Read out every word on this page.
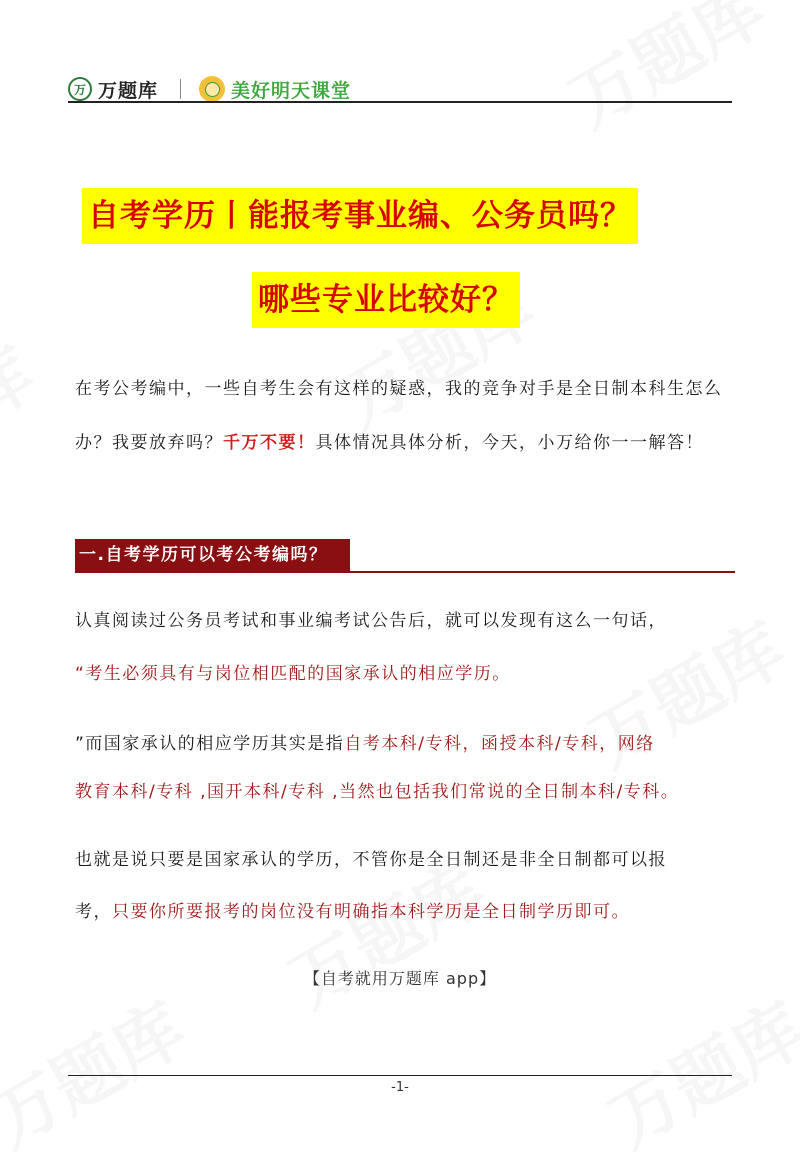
万 万题库	美好明天课堂
自考学历丨能报考事业编、公务员吗？
哪些专业比较好？
在考公考编中，一些自考生会有这样的疑惑，我的竞争对手是全日制本科生怎么办？我要放弃吗？千万不要！具体情况具体分析，今天，小万给你一一解答！
一.自考学历可以考公考编吗？
认真阅读过公务员考试和事业编考试公告后，就可以发现有这么一句话，
“考生必须具有与岗位相匹配的国家承认的相应学历。
”而国家承认的相应学历其实是指自考本科/专科，函授本科/专科，网络
教育本科/专科 ,国开本科/专科 ,当然也包括我们常说的全日制本科/专科。
也就是说只要是国家承认的学历，不管你是全日制还是非全日制都可以报
考，只要你所要报考的岗位没有明确指本科学历是全日制学历即可。
【自考就用万题库 app】
-1-
